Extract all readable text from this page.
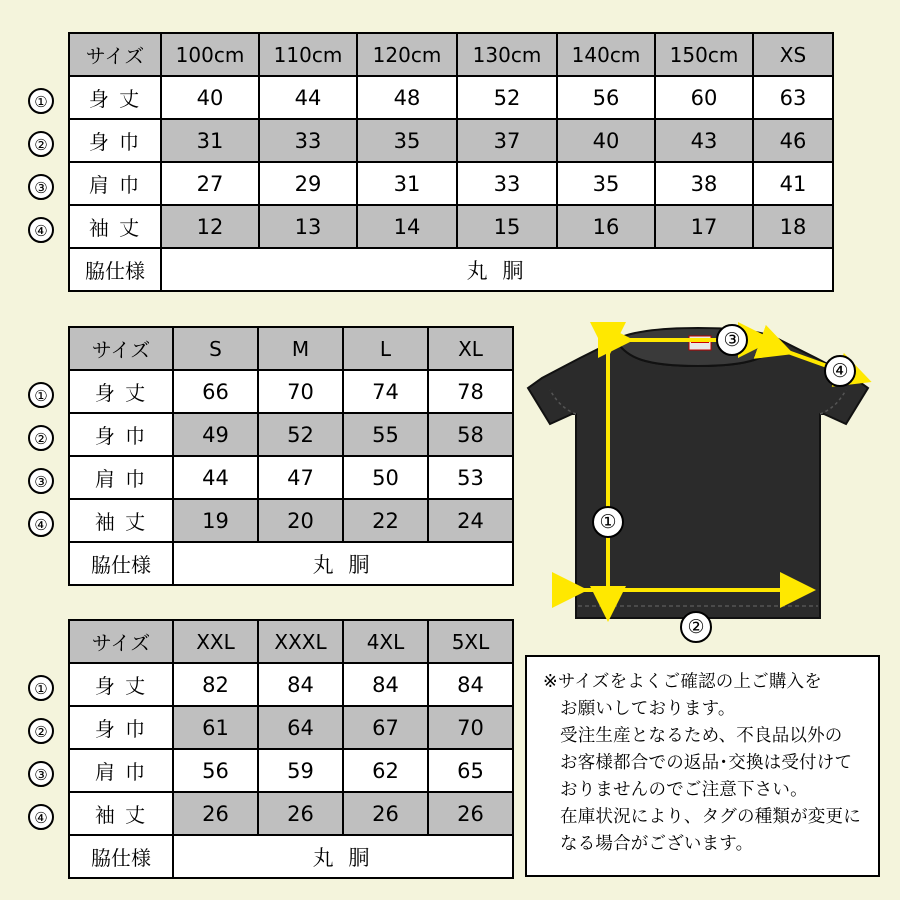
サイズ	100cm	110cm	120cm	130cm	140cm	150cm	XS
身 丈	40	44	48	52	56	60	63
身 巾	31	33	35	37	40	43	46
肩 巾	27	29	31	33	35	38	41
袖 丈	12	13	14	15	16	17	18
脇仕様	丸 胴						
①
②
③
④
サイズ	S	M	L	XL
身 丈	66	70	74	78
身 巾	49	52	55	58
肩 巾	44	47	50	53
袖 丈	19	20	22	24
脇仕様	丸 胴			
①
②
③
④
サイズ	XXL	XXXL	4XL	5XL
身 丈	82	84	84	84
身 巾	61	64	67	70
肩 巾	56	59	62	65
袖 丈	26	26	26	26
脇仕様	丸 胴			
①
②
③
④
③
④
①
②
※サイズをよくご確認の上ご購入を
お願いしております。
受注生産となるため、不良品以外の
お客様都合での返品･交換は受付けて
おりませんのでご注意下さい。
在庫状況により、タグの種類が変更に
なる場合がございます。
